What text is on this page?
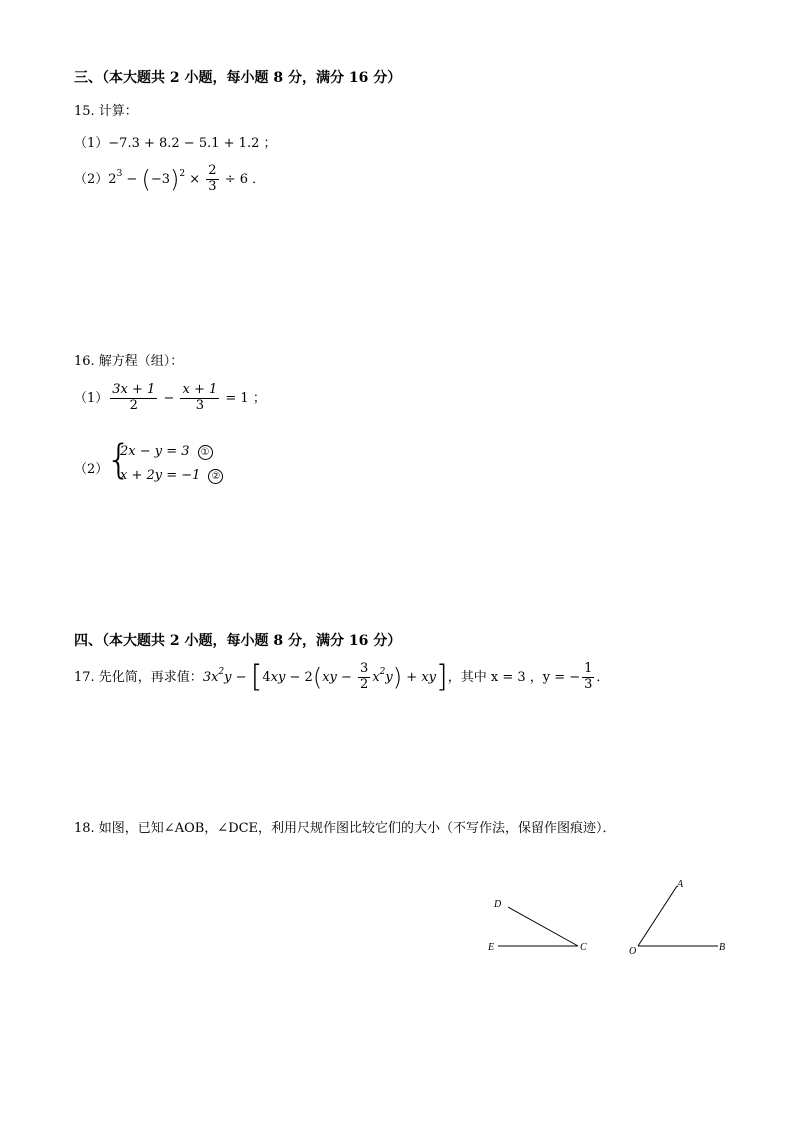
三、（本大题共 2 小题，每小题 8 分，满分 16 分）
15. 计算：
（1）−7.3 + 8.2 − 5.1 + 1.2 ；
$(2)2^3 - (-3)^2 \times \frac{2}{3} \div 6$ ．
16. 解方程（组）：
$(1) \frac{3x + 1}{2} - \frac{x + 1}{3} = 1$ ；
（2）
{
2x − y = 3 ①
x + 2y = −1 ②
四、（本大题共 2 小题，每小题 8 分，满分 16 分）
17. 先化简，再求值：$3x^2y - [4xy - 2(xy - \frac{3}{2} x^2y) + xy]$，其中 x = 3 ，y = − $\frac{1}{3}$ ．
18. 如图，已知∠AOB，∠DCE，利用尺规作图比较它们的大小（不写作法，保留作图痕迹）．
D
E	C
A
O	B
